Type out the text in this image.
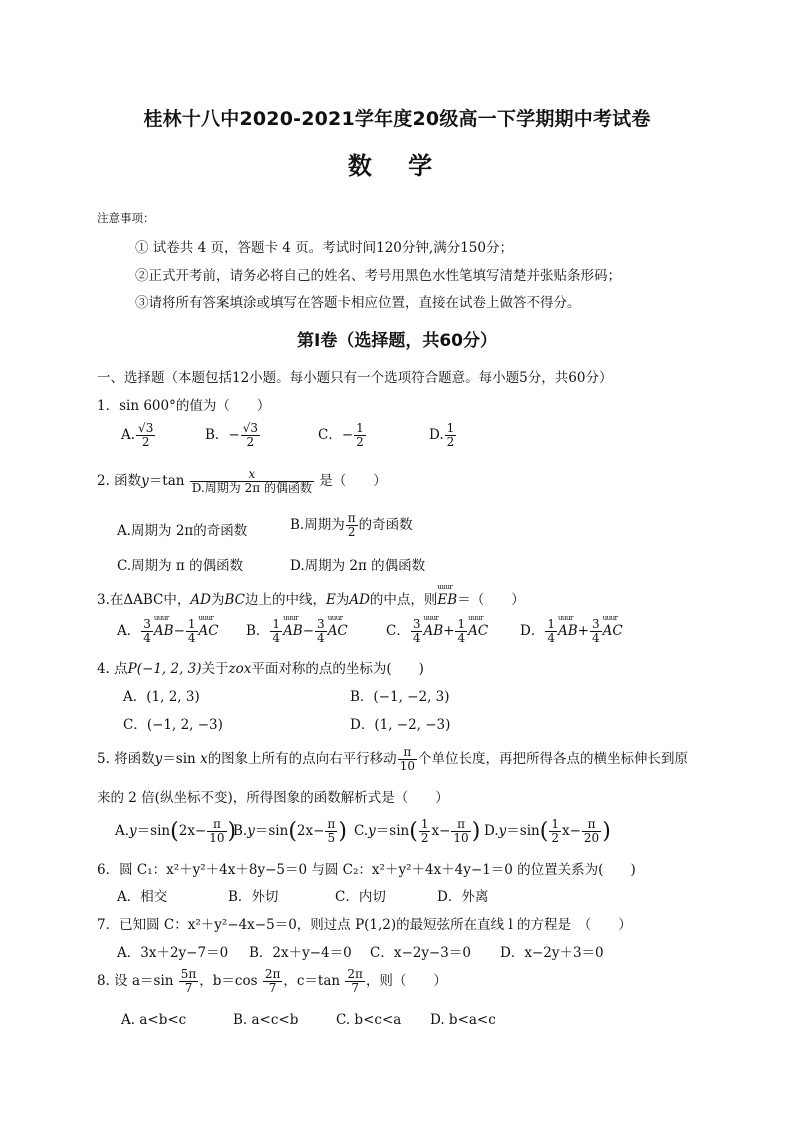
桂林十八中2020-2021学年度20级高一下学期期中考试卷
数 学
注意事项：
① 试卷共 4 页，答题卡 4 页。考试时间120分钟,满分150分；
②正式开考前，请务必将自己的姓名、考号用黑色水性笔填写清楚并张贴条形码；
③请将所有答案填涂或填写在答题卡相应位置，直接在试卷上做答不得分。
第Ⅰ卷（选择题，共60分）
一、选择题（本题包括12小题。每小题只有一个选项符合题意。每小题5分，共60分）
1．sin 600°的值为（　　）
A. $\frac{√3}{2}$	B．− $\frac{√3}{2}$	C．− $\frac{1}{2}$	D. $\frac{1}{2}$
2. 函数$y=\tan \frac{x}{\text{D.周期为 2π 的偶函数}}$ 是（　　）
A.周期为 2π的奇函数	B.周期为 $\frac{\pi}{2}$ 的奇函数
C.周期为 π 的偶函数	D.周期为 2π 的偶函数
3.在ΔABC中，AD为BC边上的中线，E为AD的中点，则uuur EB＝（　　）
A． $\frac{3}{4}$ uuur $AB- \frac{1}{4}$ uuur AC B． $\frac{1}{4}$ uuur $AB- \frac{3}{4}$ uuur AC	C． $\frac{3}{4}$ uuur $AB+ \frac{1}{4}$ uuur AC D． $\frac{1}{4}$ uuur $AB+ \frac{3}{4}$ uuur AC
4. 点P(−1, 2, 3)关于zox平面对称的点的坐标为(　　)
A．(1, 2, 3)	B．(−1, −2, 3)
C．(−1, 2, −3)	D．(1, −2, −3)
5. 将函数y＝sin x的图象上所有的点向右平行移动 $\frac{\pi}{10}$ 个单位长度，再把所得各点的横坐标伸长到原
来的 2 倍(纵坐标不变)，所得图象的函数解析式是（　　）
$A.y=\sin(2x- \frac{\pi}{10}$ )
$B.y=\sin(2x- \frac{\pi}{5}$ ) $C.y=\sin( \frac{1}{2} x- \frac{\pi}{10}$ ) $D.y=\sin( \frac{1}{2} x- \frac{\pi}{20}$ )
6．圆 C₁：x²＋y²＋4x＋8y−5＝0 与圆 C₂：x²＋y²＋4x＋4y−1＝0 的位置关系为(　　)
A．相交	B．外切	C．内切	D．外离
7．已知圆 C：x²＋y²−4x−5＝0，则过点 P(1,2)的最短弦所在直线 l 的方程是　（　　）
A．3x＋2y−7＝0 B．2x＋y−4＝0 C．x−2y−3＝0 D．x−2y＋3＝0
8. 设 $a=\sin \frac{5\pi}{7}$ ，$b=\cos \frac{2\pi}{7}$ ，$c=\tan \frac{2\pi}{7}$ ，则（　　）
A. a<b<c	B. a<c<b	C. b<c<a D. b<a<c
